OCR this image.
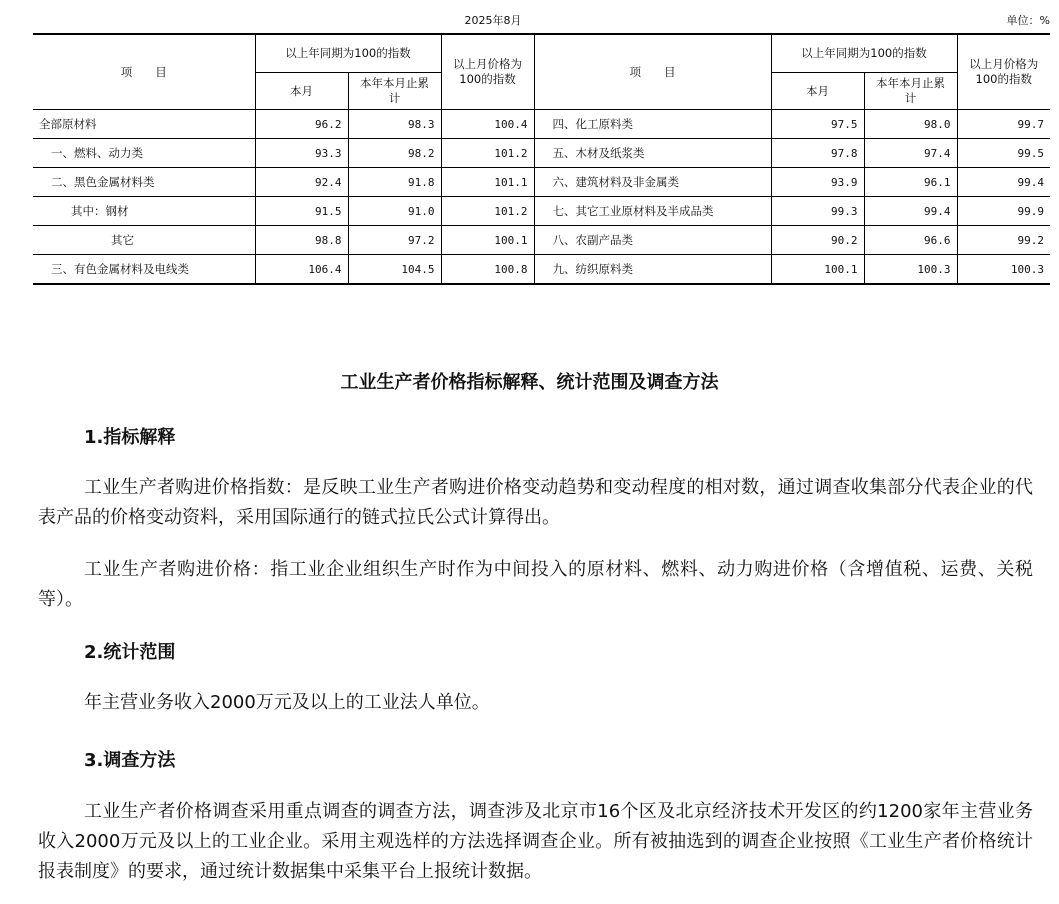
2025年8月	单位：%
项　　目	以上年同期为100的指数		以上月价格为100的指数	项　　目	以上年同期为100的指数		以上月价格为100的指数
	本月	本年本月止累计			本月	本年本月止累计	
全部原材料	96.2	98.3	100.4	四、化工原料类	97.5	98.0	99.7
一、燃料、动力类	93.3	98.2	101.2	五、木材及纸浆类	97.8	97.4	99.5
二、黑色金属材料类	92.4	91.8	101.1	六、建筑材料及非金属类	93.9	96.1	99.4
其中：钢材	91.5	91.0	101.2	七、其它工业原材料及半成品类	99.3	99.4	99.9
其它	98.8	97.2	100.1	八、农副产品类	90.2	96.6	99.2
三、有色金属材料及电线类	106.4	104.5	100.8	九、纺织原料类	100.1	100.3	100.3
工业生产者价格指标解释、统计范围及调查方法
1.指标解释

工业生产者购进价格指数：是反映工业生产者购进价格变动趋势和变动程度的相对数，通过调查收集部分代表企业的代表产品的价格变动资料，采用国际通行的链式拉氏公式计算得出。

工业生产者购进价格：指工业企业组织生产时作为中间投入的原材料、燃料、动力购进价格（含增值税、运费、关税等）。

2.统计范围

年主营业务收入2000万元及以上的工业法人单位。

3.调查方法

工业生产者价格调查采用重点调查的调查方法，调查涉及北京市16个区及北京经济技术开发区的约1200家年主营业务收入2000万元及以上的工业企业。采用主观选样的方法选择调查企业。所有被抽选到的调查企业按照《工业生产者价格统计报表制度》的要求，通过统计数据集中采集平台上报统计数据。
